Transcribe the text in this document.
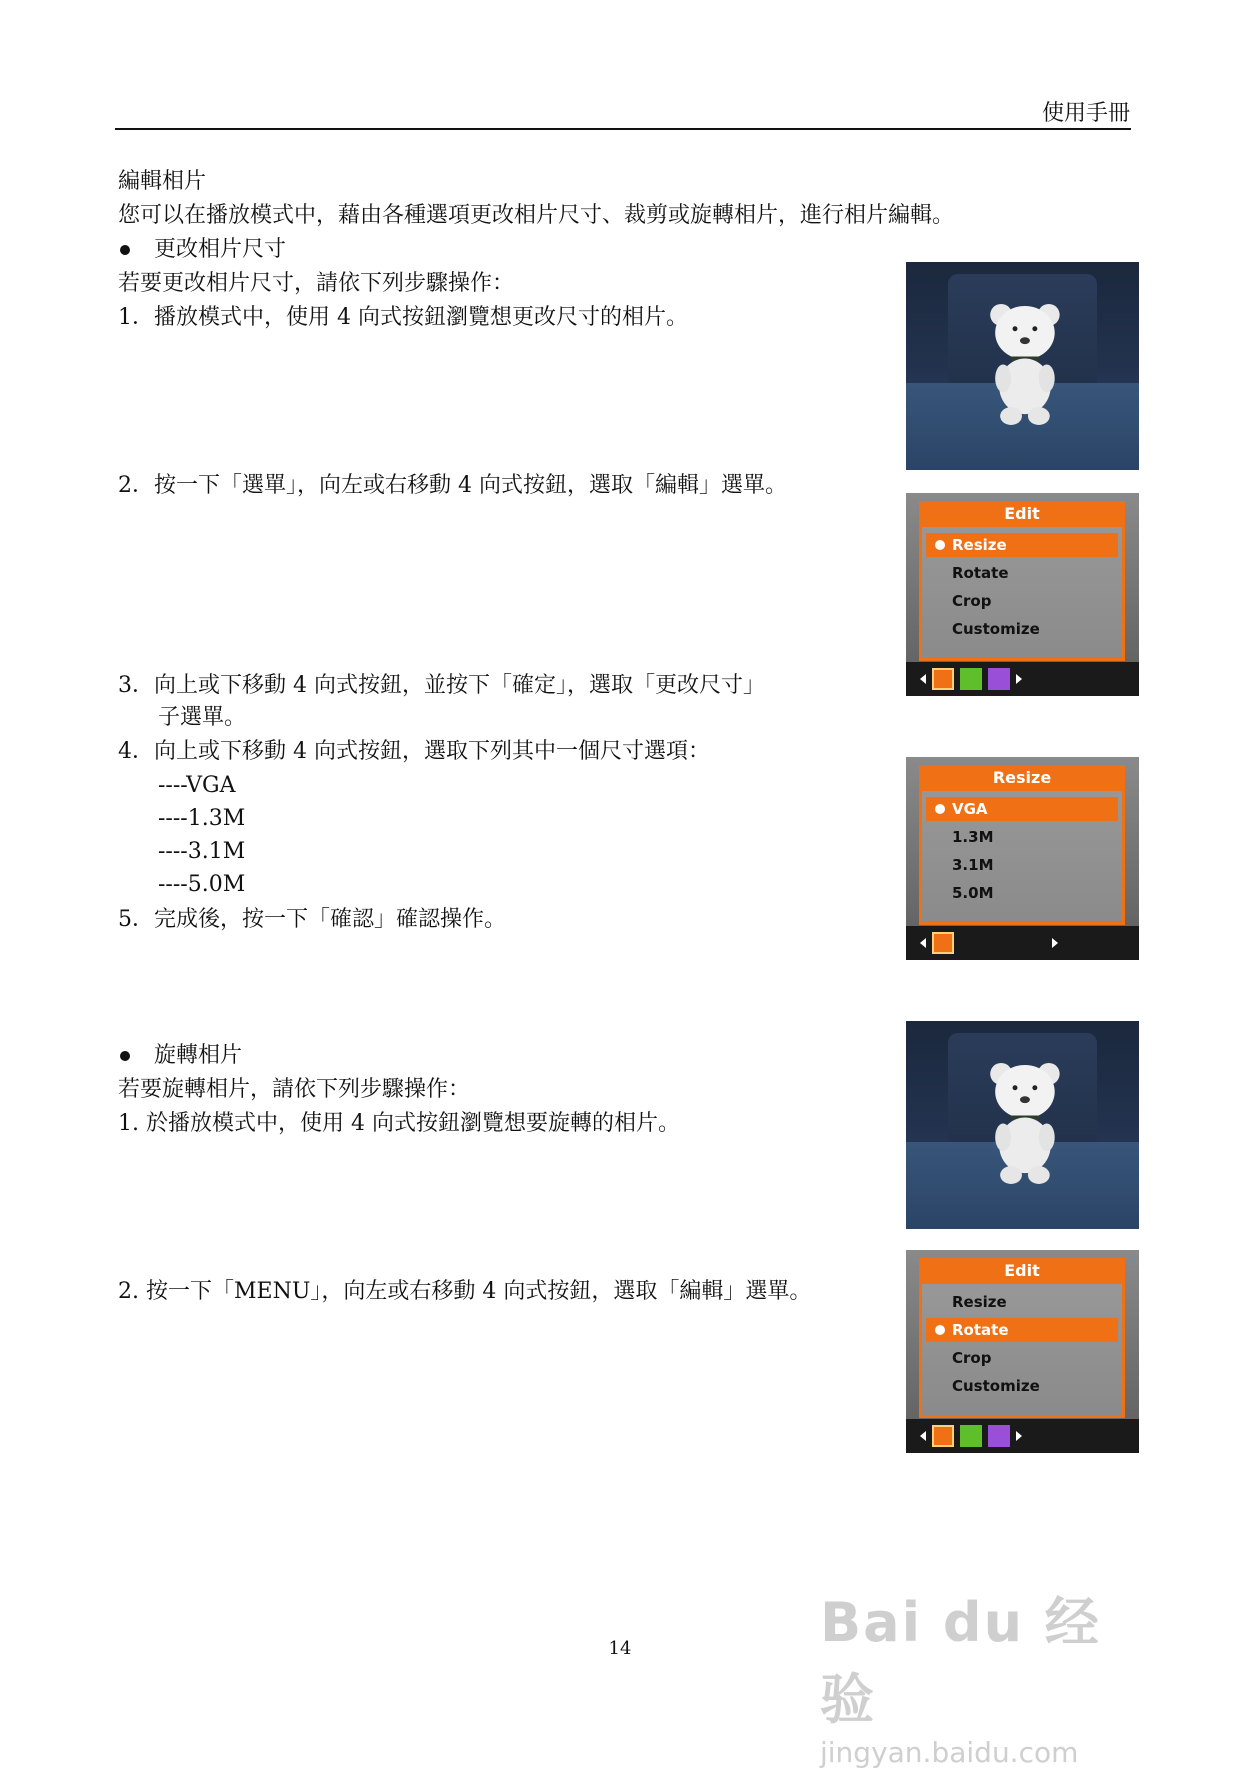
使用手冊
編輯相片
您可以在播放模式中，藉由各種選項更改相片尺寸、裁剪或旋轉相片，進行相片編輯。
更改相片尺寸
若要更改相片尺寸，請依下列步驟操作：
1．播放模式中，使用 4 向式按鈕瀏覽想更改尺寸的相片。
2．按一下「選單」，向左或右移動 4 向式按鈕，選取「編輯」選單。
3．向上或下移動 4 向式按鈕，並按下「確定」，選取「更改尺寸」
子選單。
4．向上或下移動 4 向式按鈕，選取下列其中一個尺寸選項：
----VGA
----1.3M
----3.1M
----5.0M
5．完成後，按一下「確認」確認操作。
旋轉相片
若要旋轉相片，請依下列步驟操作：
1. 於播放模式中，使用 4 向式按鈕瀏覽想要旋轉的相片。
2. 按一下「MENU」，向左或右移動 4 向式按鈕，選取「編輯」選單。
Edit
Resize
Rotate
Crop
Customize
Resize
VGA
1.3M
3.1M
5.0M
Edit
Resize
Rotate
Crop
Customize
14	Bai du 经验
jingyan.baidu.com
